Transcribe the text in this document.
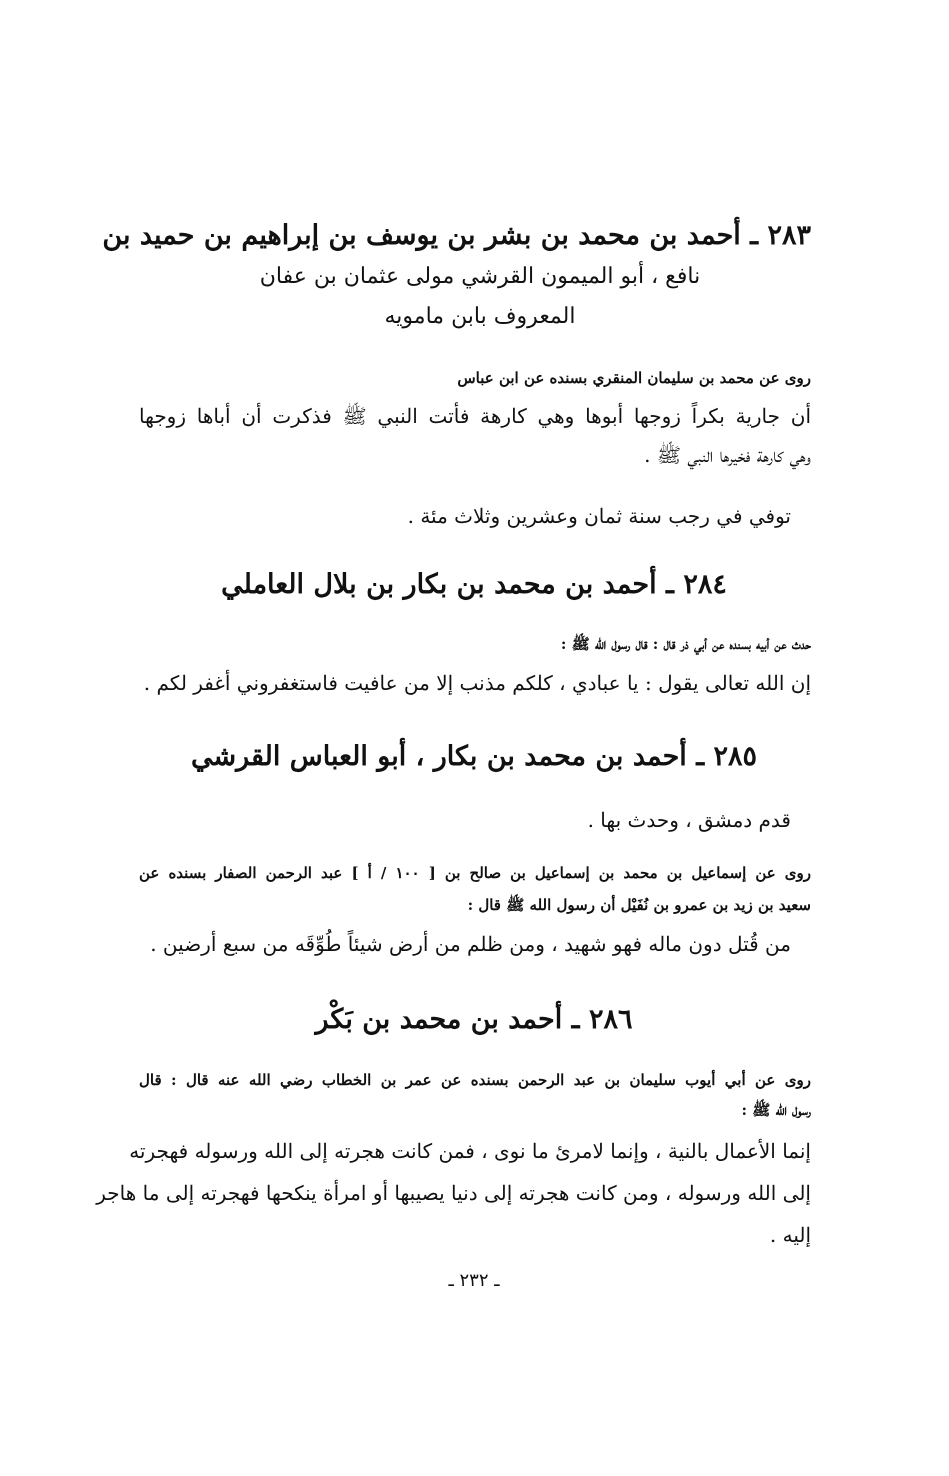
٢٨٣ ـ أحمد بن محمد بن بشر بن يوسف بن إبراهيم بن حميد بن
نافع ، أبو الميمون القرشي مولى عثمان بن عفان
المعروف بابن مامويه
روى عن محمد بن سليمان المنقري بسنده عن ابن عباس
أن جارية بكراً زوجها أبوها وهي كارهة فأتت النبي ﷺ فذكرت أن أباها زوجها
وهي كارهة فخيرها النبي ﷺ .
توفي في رجب سنة ثمان وعشرين وثلاث مئة .
٢٨٤ ـ أحمد بن محمد بن بكار بن بلال العاملي
حدث عن أبيه بسنده عن أبي ذر قال : قال رسول الله ﷺ :
إن الله تعالى يقول : يا عبادي ، كلكم مذنب إلا من عافيت فاستغفروني أغفر لكم .
٢٨٥ ـ أحمد بن محمد بن بكار ، أبو العباس القرشي
قدم دمشق ، وحدث بها .
روى عن إسماعيل بن محمد بن إسماعيل بن صالح بن [ ١٠٠ / أ ] عبد الرحمن الصفار بسنده عن
سعيد بن زيد بن عمرو بن نُفَيْل أن رسول الله ﷺ قال :
من قُتل دون ماله فهو شهيد ، ومن ظلم من أرض شيئاً طُوِّقَه من سبع أرضين .
٢٨٦ ـ أحمد بن محمد بن بَكْر
روى عن أبي أيوب سليمان بن عبد الرحمن بسنده عن عمر بن الخطاب رضي الله عنه قال : قال
رسول الله ﷺ :
إنما الأعمال بالنية ، وإنما لامرئ ما نوى ، فمن كانت هجرته إلى الله ورسوله فهجرته
إلى الله ورسوله ، ومن كانت هجرته إلى دنيا يصيبها أو امرأة ينكحها فهجرته إلى ما هاجر
إليه .
ـ ٢٣٢ ـ
